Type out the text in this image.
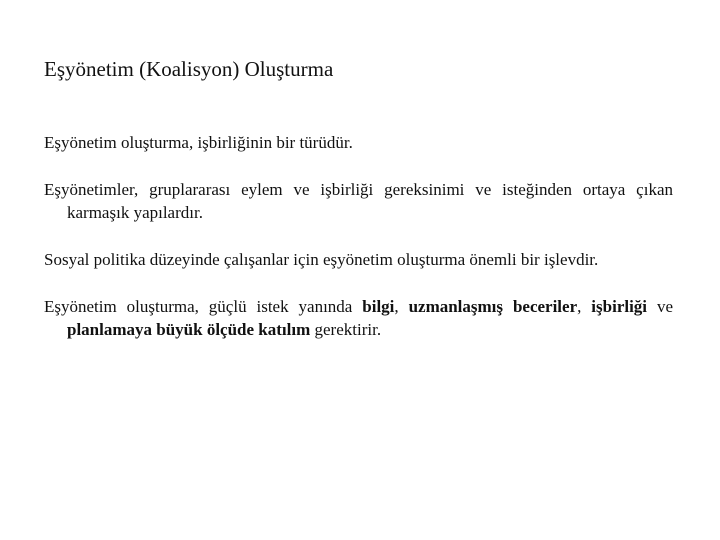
Eşyönetim (Koalisyon) Oluşturma
Eşyönetim oluşturma, işbirliğinin bir türüdür.
Eşyönetimler, gruplararası eylem ve işbirliği gereksinimi ve isteğinden ortaya çıkan karmaşık yapılardır.
Sosyal politika düzeyinde çalışanlar için eşyönetim oluşturma önemli bir işlevdir.
Eşyönetim oluşturma, güçlü istek yanında bilgi, uzmanlaşmış beceriler, işbirliği ve planlamaya büyük ölçüde katılım gerektirir.
